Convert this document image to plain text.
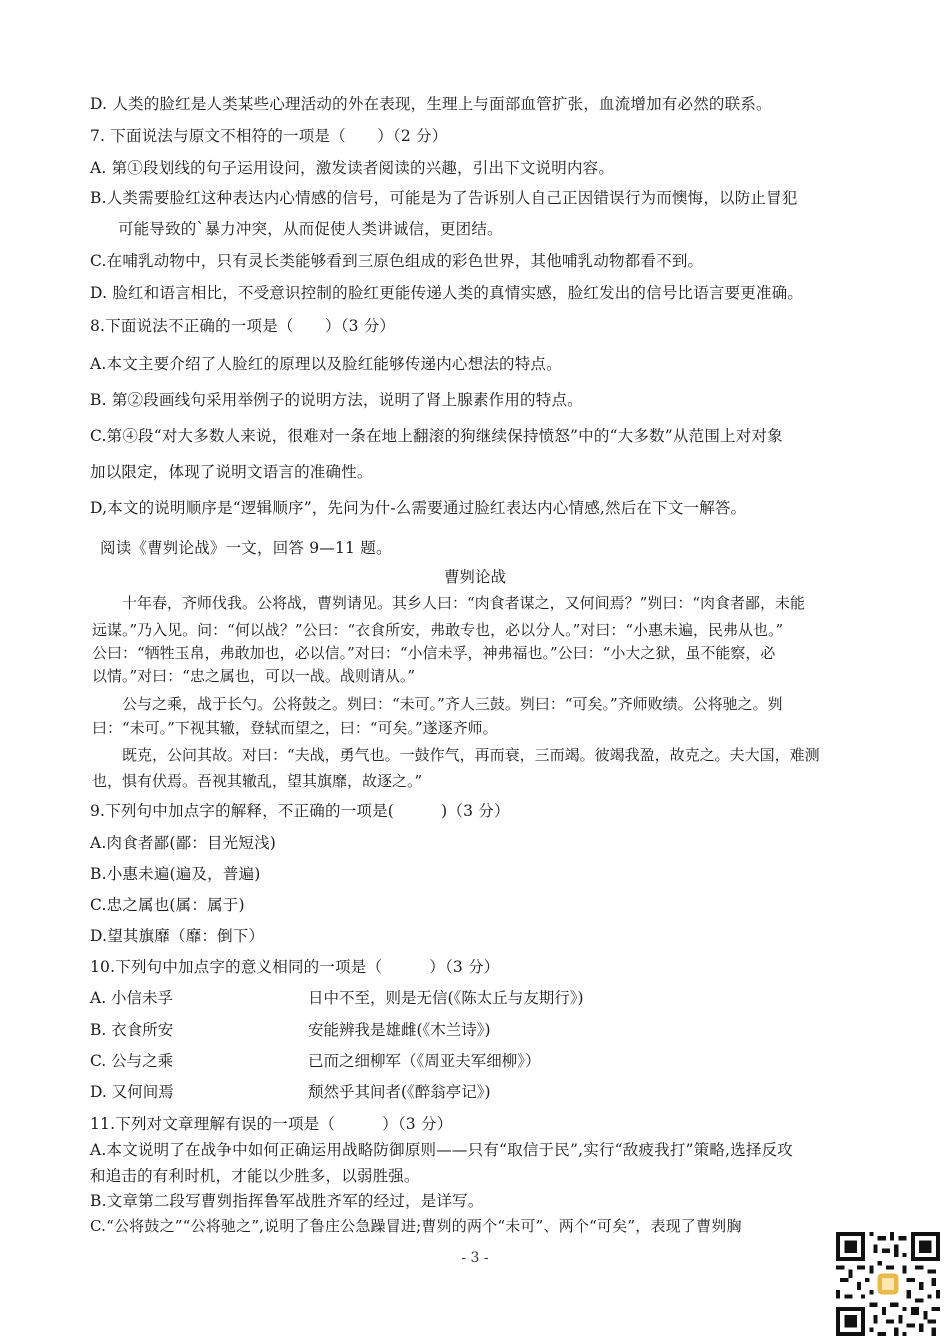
D. 人类的脸红是人类某些心理活动的外在表现，生理上与面部血管扩张，血流增加有必然的联系。
7. 下面说法与原文不相符的一项是（　　）（2 分）
A. 第①段划线的句子运用设问，激发读者阅读的兴趣，引出下文说明内容。
B.人类需要脸红这种表达内心情感的信号，可能是为了告诉别人自己正因错误行为而懊悔，以防止冒犯
可能导致的`暴力冲突，从而促使人类讲诚信，更团结。
C.在哺乳动物中，只有灵长类能够看到三原色组成的彩色世界，其他哺乳动物都看不到。
D. 脸红和语言相比，不受意识控制的脸红更能传递人类的真情实感，脸红发出的信号比语言要更准确。
8.下面说法不正确的一项是（　　）（3 分）
A.本文主要介绍了人脸红的原理以及脸红能够传递内心想法的特点。
B. 第②段画线句采用举例子的说明方法，说明了肾上腺素作用的特点。
C.第④段“对大多数人来说，很难对一条在地上翻滚的狗继续保持愤怒”中的“大多数”从范围上对对象
加以限定，体现了说明文语言的准确性。
D,本文的说明顺序是“逻辑顺序”，先问为什-么需要通过脸红表达内心情感,然后在下文一解答。
阅读《曹刿论战》一文，回答 9—11 题。
曹刿论战
十年春，齐师伐我。公将战，曹刿请见。其乡人曰：“肉食者谋之，又何间焉？”刿曰：“肉食者鄙，未能
远谋。”乃入见。问：“何以战？”公曰：“衣食所安，弗敢专也，必以分人。”对曰：“小惠未遍，民弗从也。”
公曰：“牺牲玉帛，弗敢加也，必以信。”对曰：“小信未孚，神弗福也。”公曰：“小大之狱，虽不能察，必
以情。”对曰：“忠之属也，可以一战。战则请从。”
公与之乘，战于长勺。公将鼓之。刿曰：“未可。”齐人三鼓。刿曰：“可矣。”齐师败绩。公将驰之。刿
曰：“未可。”下视其辙，登轼而望之，曰：“可矣。”遂逐齐师。
既克，公问其故。对曰：“夫战，勇气也。一鼓作气，再而衰，三而竭。彼竭我盈，故克之。夫大国，难测
也，惧有伏焉。吾视其辙乱，望其旗靡，故逐之。”
9.下列句中加点字的解释，不正确的一项是(　　　)（3 分）
A.肉食者鄙(鄙：目光短浅)
B.小惠未遍(遍及，普遍)
C.忠之属也(属：属于)
D.望其旗靡（靡：倒下）
10.下列句中加点字的意义相同的一项是（　　　）（3 分）
A. 小信未孚	日中不至，则是无信(《陈太丘与友期行》)
B. 衣食所安	安能辨我是雄雌(《木兰诗》)
C. 公与之乘	已而之细柳军（《周亚夫军细柳》）
D. 又何间焉	颓然乎其间者(《醉翁亭记》)
11.下列对文章理解有误的一项是（　　　）（3 分）
A.本文说明了在战争中如何正确运用战略防御原则——只有“取信于民”,实行“敌疲我打”策略,选择反攻
和追击的有利时机，才能以少胜多，以弱胜强。
B.文章第二段写曹刿指挥鲁军战胜齐军的经过，是详写。
C.“公将鼓之”“公将驰之”,说明了鲁庄公急躁冒进;曹刿的两个“未可”、两个“可矣”，表现了曹刿胸
- 3 -
